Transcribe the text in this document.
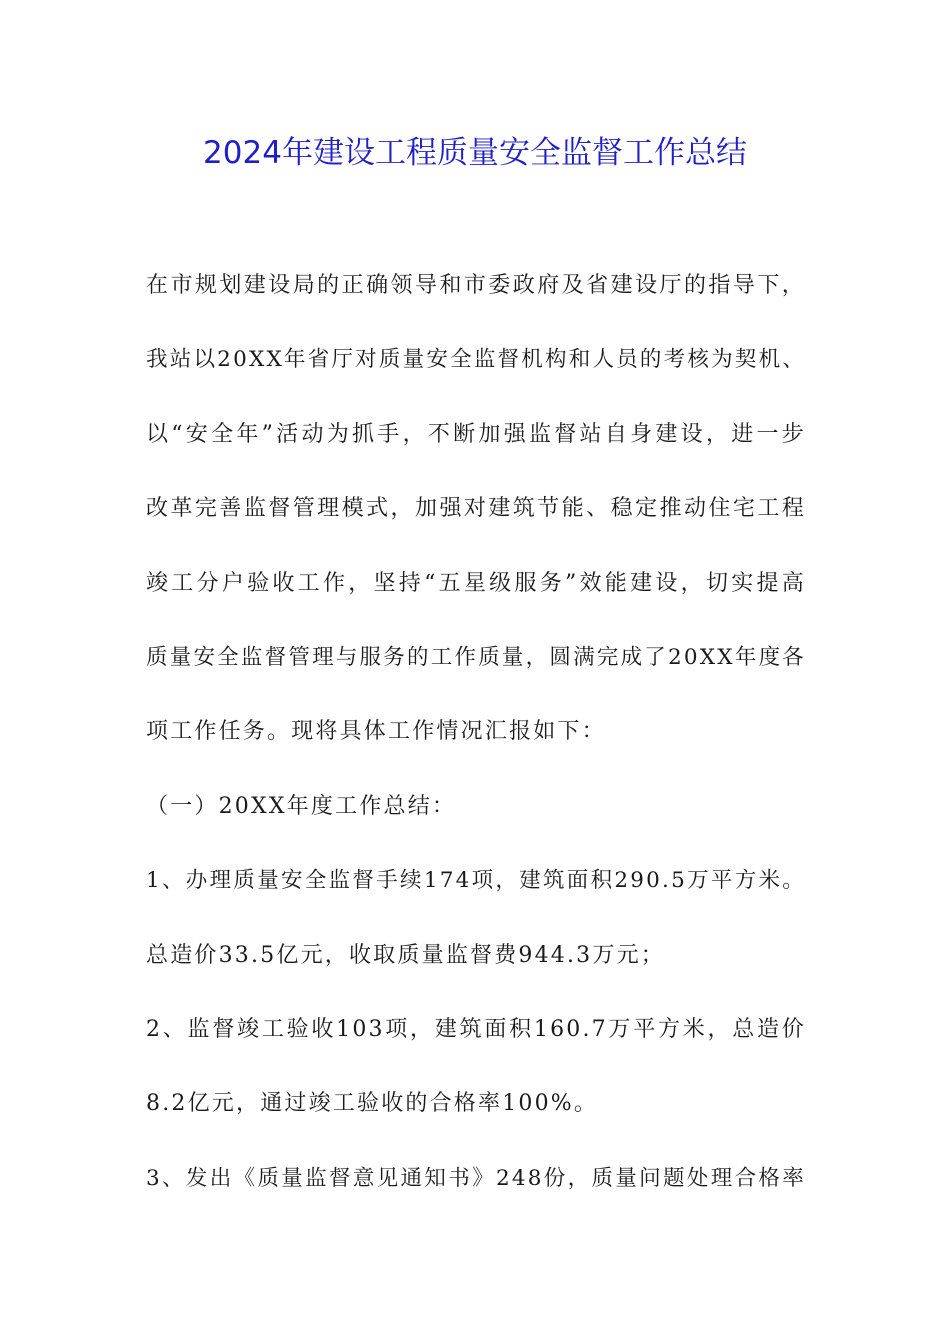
2024年建设工程质量安全监督工作总结

在市规划建设局的正确领导和市委政府及省建设厅的指导下，

我站以20XX年省厅对质量安全监督机构和人员的考核为契机、

以“安全年”活动为抓手，不断加强监督站自身建设，进一步

改革完善监督管理模式，加强对建筑节能、稳定推动住宅工程

竣工分户验收工作，坚持“五星级服务”效能建设，切实提高

质量安全监督管理与服务的工作质量，圆满完成了20XX年度各

项工作任务。现将具体工作情况汇报如下：

（一）20XX年度工作总结：

1、办理质量安全监督手续174项，建筑面积290.5万平方米。

总造价33.5亿元，收取质量监督费944.3万元；

2、监督竣工验收103项，建筑面积160.7万平方米，总造价

8.2亿元，通过竣工验收的合格率100%。

3、发出《质量监督意见通知书》248份，质量问题处理合格率
